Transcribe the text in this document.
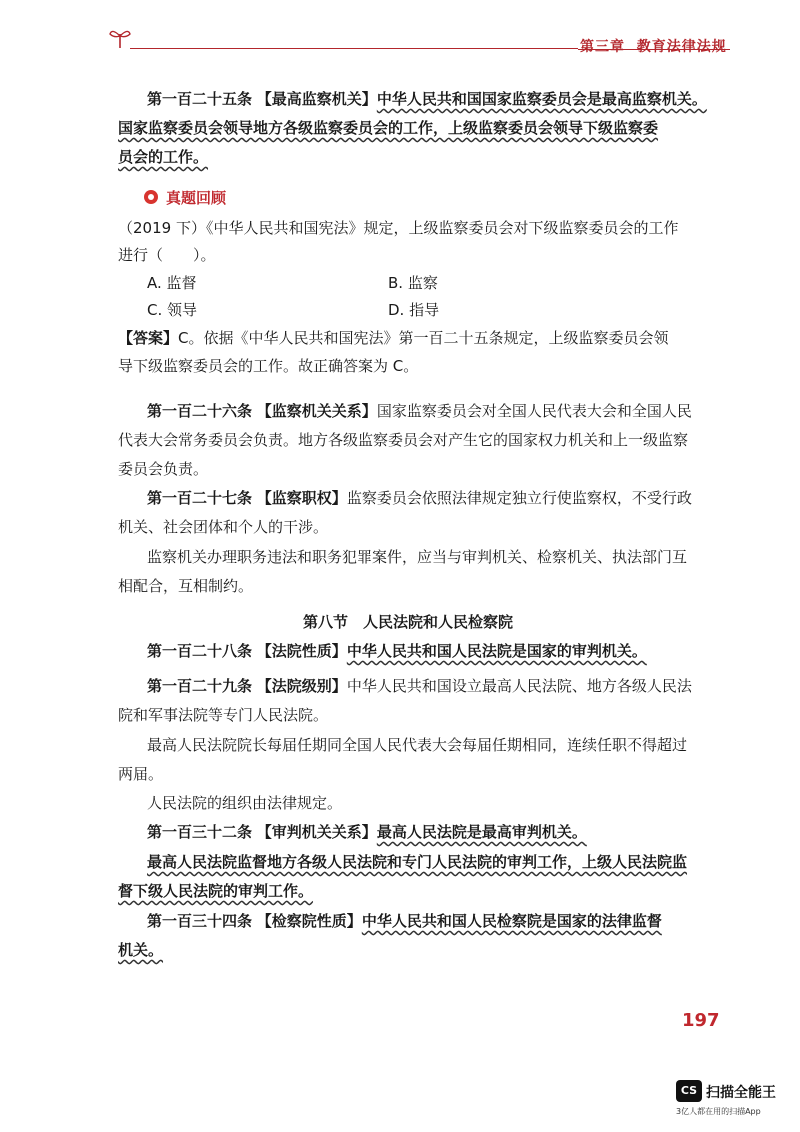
第三章 教育法律法规
第一百二十五条 【最高监察机关】中华人民共和国国家监察委员会是最高监察机关。
国家监察委员会领导地方各级监察委员会的工作，上级监察委员会领导下级监察委
员会的工作。
真题回顾
（2019 下）《中华人民共和国宪法》规定，上级监察委员会对下级监察委员会的工作
进行（　　）。
A. 监督	B. 监察
C. 领导	D. 指导
【答案】C。依据《中华人民共和国宪法》第一百二十五条规定，上级监察委员会领
导下级监察委员会的工作。故正确答案为 C。
第一百二十六条 【监察机关关系】国家监察委员会对全国人民代表大会和全国人民
代表大会常务委员会负责。地方各级监察委员会对产生它的国家权力机关和上一级监察
委员会负责。
第一百二十七条 【监察职权】监察委员会依照法律规定独立行使监察权，不受行政
机关、社会团体和个人的干涉。
监察机关办理职务违法和职务犯罪案件，应当与审判机关、检察机关、执法部门互
相配合，互相制约。
第八节　人民法院和人民检察院
第一百二十八条 【法院性质】中华人民共和国人民法院是国家的审判机关。
第一百二十九条 【法院级别】中华人民共和国设立最高人民法院、地方各级人民法
院和军事法院等专门人民法院。
最高人民法院院长每届任期同全国人民代表大会每届任期相同，连续任职不得超过
两届。
人民法院的组织由法律规定。
第一百三十二条 【审判机关关系】最高人民法院是最高审判机关。
最高人民法院监督地方各级人民法院和专门人民法院的审判工作，上级人民法院监
督下级人民法院的审判工作。
第一百三十四条 【检察院性质】中华人民共和国人民检察院是国家的法律监督
机关。
197
CS 扫描全能王
3亿人都在用的扫描App
